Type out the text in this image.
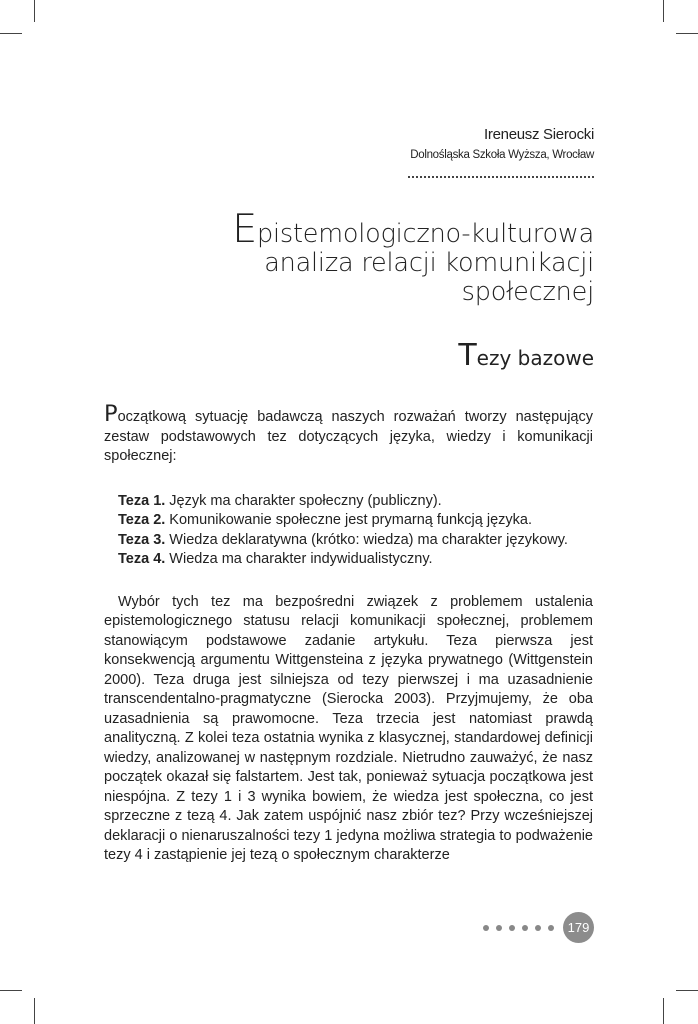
Ireneusz Sierocki
Dolnośląska Szkoła Wyższa, Wrocław
Epistemologiczno-kulturowa analiza relacji komunikacji społecznej
Tezy bazowe

Początkową sytuację badawczą naszych rozważań tworzy następujący zestaw podstawowych tez dotyczących języka, wiedzy i komunikacji społecznej:

Teza 1. Język ma charakter społeczny (publiczny).
Teza 2. Komunikowanie społeczne jest prymarną funkcją języka.
Teza 3. Wiedza deklaratywna (krótko: wiedza) ma charakter językowy.
Teza 4. Wiedza ma charakter indywidualistyczny.

Wybór tych tez ma bezpośredni związek z problemem ustalenia epistemologicznego statusu relacji komunikacji społecznej, problemem stanowiącym podstawowe zadanie artykułu. Teza pierwsza jest konsekwencją argumentu Wittgensteina z języka prywatnego (Wittgenstein 2000). Teza druga jest silniejsza od tezy pierwszej i ma uzasadnienie transcendentalno-pragmatyczne (Sierocka 2003). Przyjmujemy, że oba uzasadnienia są prawomocne. Teza trzecia jest natomiast prawdą analityczną. Z kolei teza ostatnia wynika z klasycznej, standardowej definicji wiedzy, analizowanej w następnym rozdziale. Nietrudno zauważyć, że nasz początek okazał się falstartem. Jest tak, ponieważ sytuacja początkowa jest niespójna. Z tezy 1 i 3 wynika bowiem, że wiedza jest społeczna, co jest sprzeczne z tezą 4. Jak zatem uspójnić nasz zbiór tez? Przy wcześniejszej deklaracji o nienaruszalności tezy 1 jedyna możliwa strategia to podważenie tezy 4 i zastąpienie jej tezą o społecznym charakterze

179
